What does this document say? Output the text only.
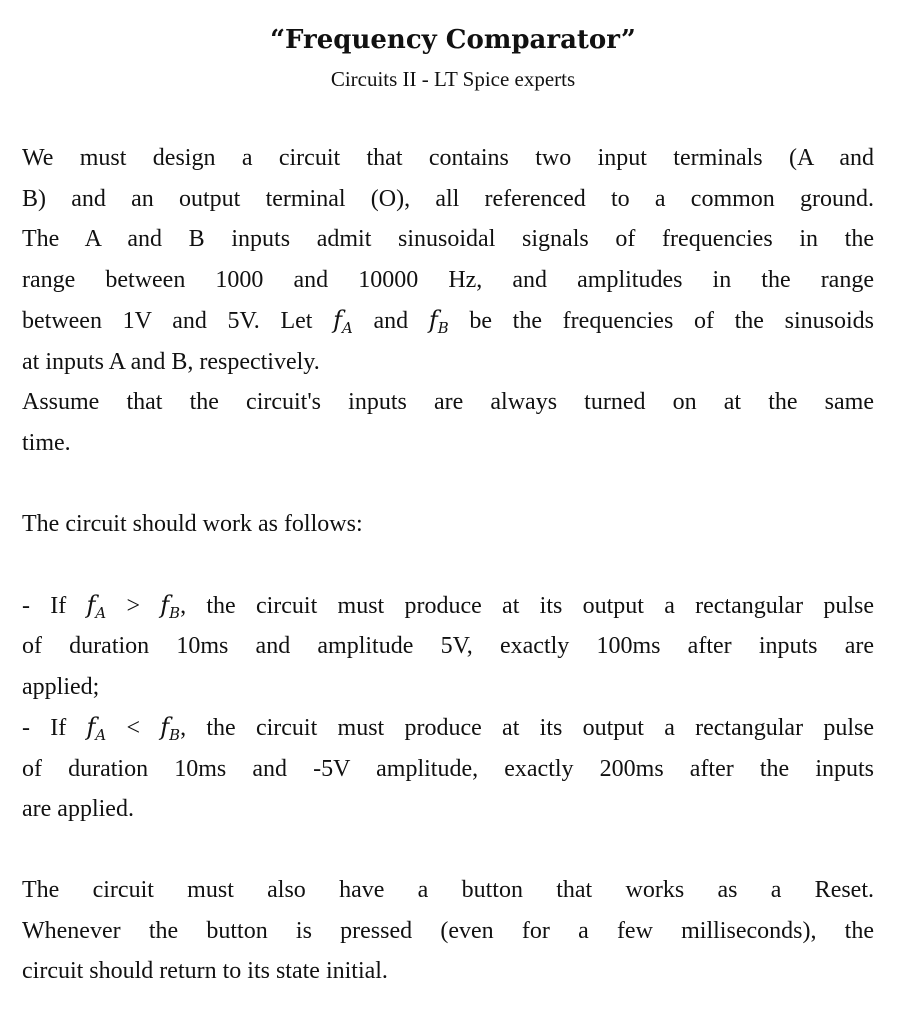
“Frequency Comparator”
Circuits II - LT Spice experts
We must design a circuit that contains two input terminals (A and
B) and an output terminal (O), all referenced to a common ground.
The A and B inputs admit sinusoidal signals of frequencies in the
range between 1000 and 10000 Hz, and amplitudes in the range
between 1V and 5V. Let $f_A$ and $f_B$ be the frequencies of the sinusoids
at inputs A and B, respectively.
Assume that the circuit's inputs are always turned on at the same
time.
The circuit should work as follows:
- If $f_A > f_B$, the circuit must produce at its output a rectangular pulse
of duration 10ms and amplitude 5V, exactly 100ms after inputs are
applied;
- If $f_A < f_B$, the circuit must produce at its output a rectangular pulse
of duration 10ms and -5V amplitude, exactly 200ms after the inputs
are applied.
The circuit must also have a button that works as a Reset.
Whenever the button is pressed (even for a few milliseconds), the
circuit should return to its state initial.
